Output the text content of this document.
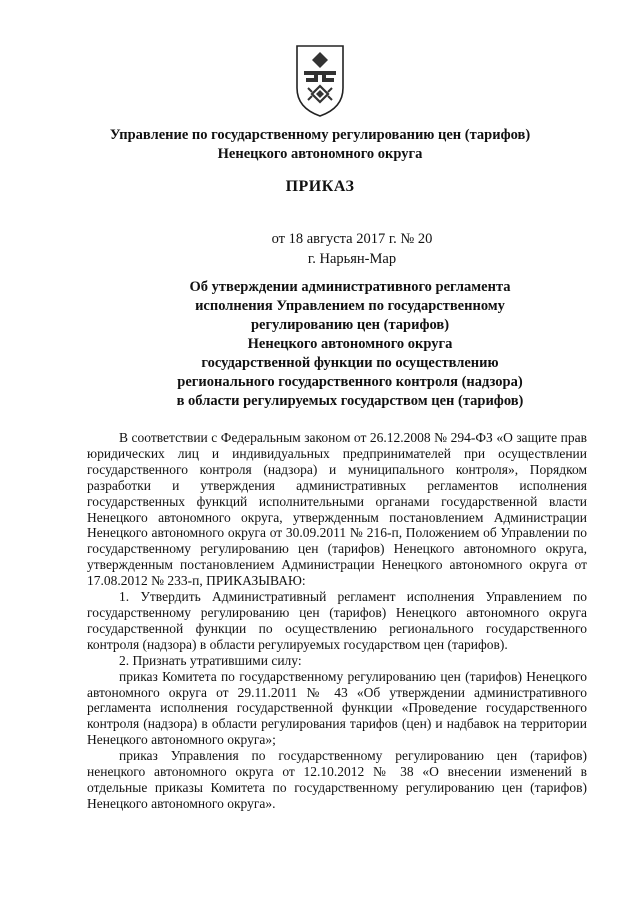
Управление по государственному регулированию цен (тарифов)
Ненецкого автономного округа
ПРИКАЗ
от 18 августа 2017 г. № 20
г. Нарьян-Мар
Об утверждении административного регламента
исполнения Управлением по государственному
регулированию цен (тарифов)
Ненецкого автономного округа
государственной функции по осуществлению
регионального государственного контроля (надзора)
в области регулируемых государством цен (тарифов)

В соответствии с Федеральным законом от 26.12.2008 № 294-ФЗ «О защите прав юридических лиц и индивидуальных предпринимателей при осуществлении государственного контроля (надзора) и муниципального контроля», Порядком разработки и утверждения административных регламентов исполнения государственных функций исполнительными органами государственной власти Ненецкого автономного округа, утвержденным постановлением Администрации Ненецкого автономного округа от 30.09.2011 № 216-п, Положением об Управлении по государственному регулированию цен (тарифов) Ненецкого автономного округа, утвержденным постановлением Администрации Ненецкого автономного округа от 17.08.2012 № 233-п, ПРИКАЗЫВАЮ:

1. Утвердить Административный регламент исполнения Управлением по государственному регулированию цен (тарифов) Ненецкого автономного округа государственной функции по осуществлению регионального государственного контроля (надзора) в области регулируемых государством цен (тарифов).

2. Признать утратившими силу:

приказ Комитета по государственному регулированию цен (тарифов) Ненецкого автономного округа от 29.11.2011 № 43 «Об утверждении административного регламента исполнения государственной функции «Проведение государственного контроля (надзора) в области регулирования тарифов (цен) и надбавок на территории Ненецкого автономного округа»;

приказ Управления по государственному регулированию цен (тарифов) ненецкого автономного округа от 12.10.2012 № 38 «О внесении изменений в отдельные приказы Комитета по государственному регулированию цен (тарифов) Ненецкого автономного округа».
